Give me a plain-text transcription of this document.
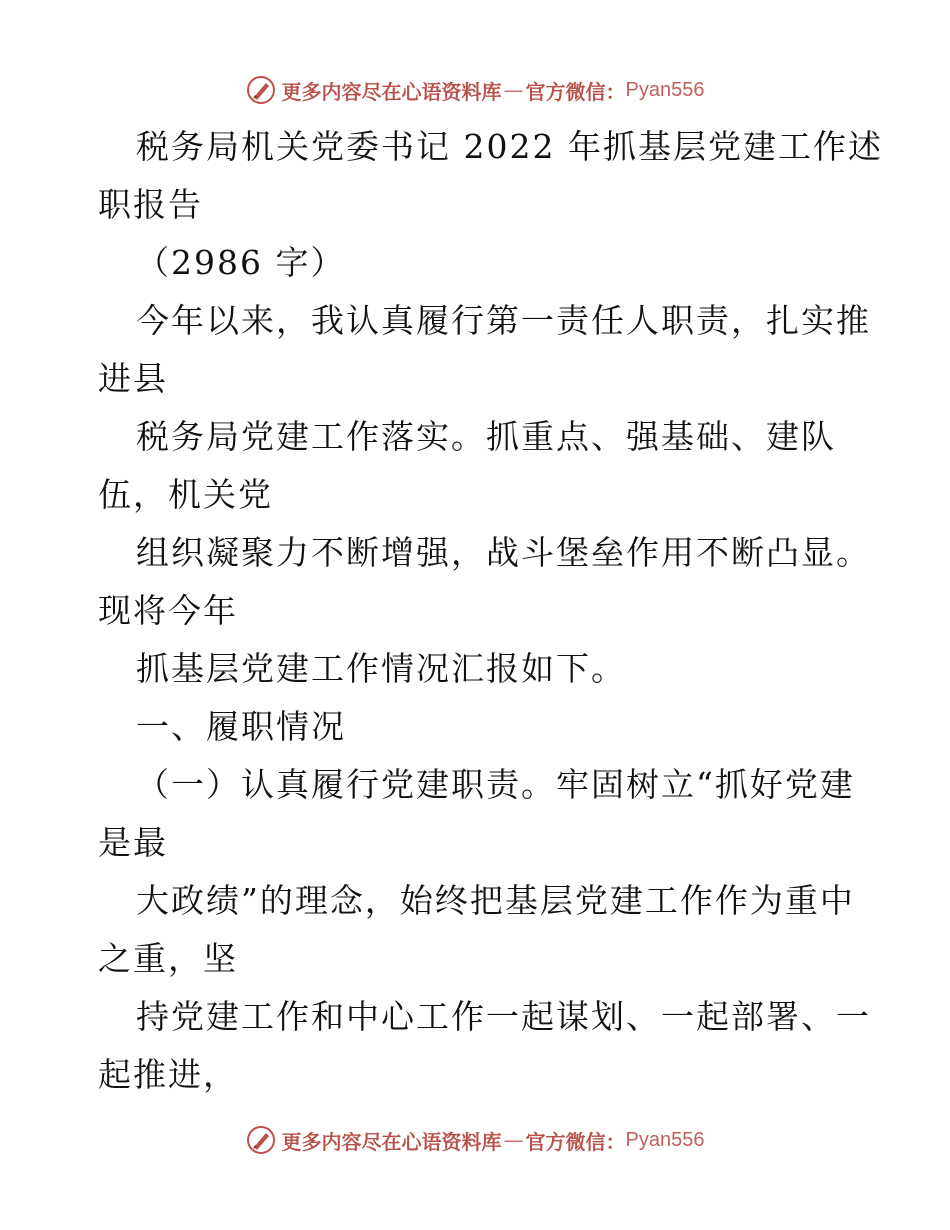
更多内容尽在心语资料库 — 官方微信： Pyan556
税务局机关党委书记 2022 年抓基层党建工作述
职报告
（2986 字）
今年以来，我认真履行第一责任人职责，扎实推
进县
税务局党建工作落实。抓重点、强基础、建队
伍，机关党
组织凝聚力不断增强，战斗堡垒作用不断凸显。
现将今年
抓基层党建工作情况汇报如下。
一、履职情况
（一）认真履行党建职责。牢固树立“抓好党建
是最
大政绩”的理念，始终把基层党建工作作为重中
之重，坚
持党建工作和中心工作一起谋划、一起部署、一
起推进，
更多内容尽在心语资料库 — 官方微信： Pyan556
